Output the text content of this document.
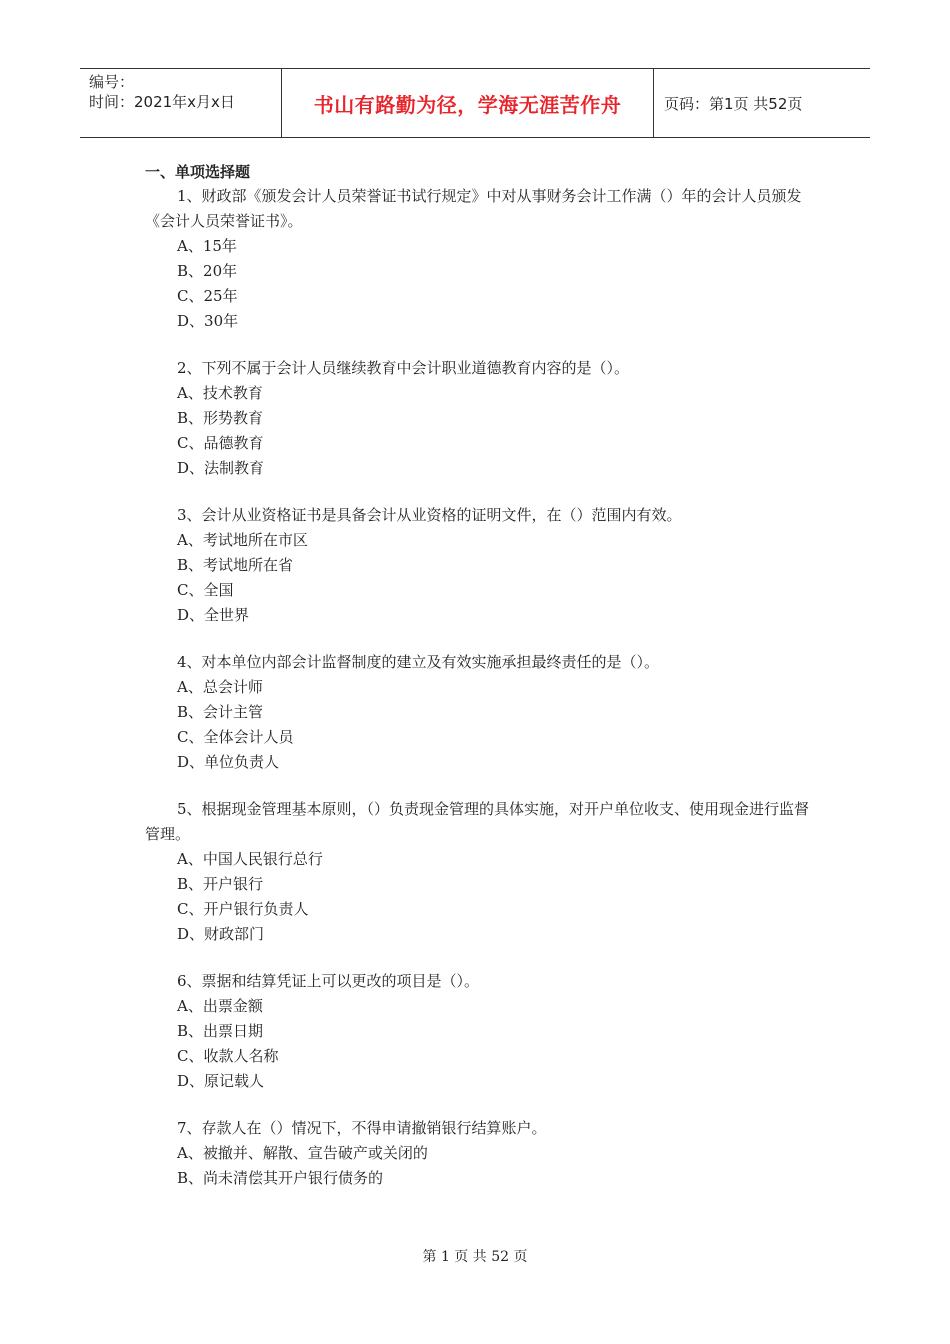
编号：
时间：2021年x月x日	书山有路勤为径，学海无涯苦作舟	页码：第1页 共52页
一、单项选择题

1、财政部《颁发会计人员荣誉证书试行规定》中对从事财务会计工作满（）年的会计人员颁发《会计人员荣誉证书》。

A、15年

B、20年

C、25年

D、30年

2、下列不属于会计人员继续教育中会计职业道德教育内容的是（）。

A、技术教育

B、形势教育

C、品德教育

D、法制教育

3、会计从业资格证书是具备会计从业资格的证明文件，在（）范围内有效。

A、考试地所在市区

B、考试地所在省

C、全国

D、全世界

4、对本单位内部会计监督制度的建立及有效实施承担最终责任的是（）。

A、总会计师

B、会计主管

C、全体会计人员

D、单位负责人

5、根据现金管理基本原则，（）负责现金管理的具体实施，对开户单位收支、使用现金进行监督管理。

A、中国人民银行总行

B、开户银行

C、开户银行负责人

D、财政部门

6、票据和结算凭证上可以更改的项目是（）。

A、出票金额

B、出票日期

C、收款人名称

D、原记载人

7、存款人在（）情况下，不得申请撤销银行结算账户。

A、被撤并、解散、宣告破产或关闭的

B、尚未清偿其开户银行债务的

第 1 页 共 52 页
